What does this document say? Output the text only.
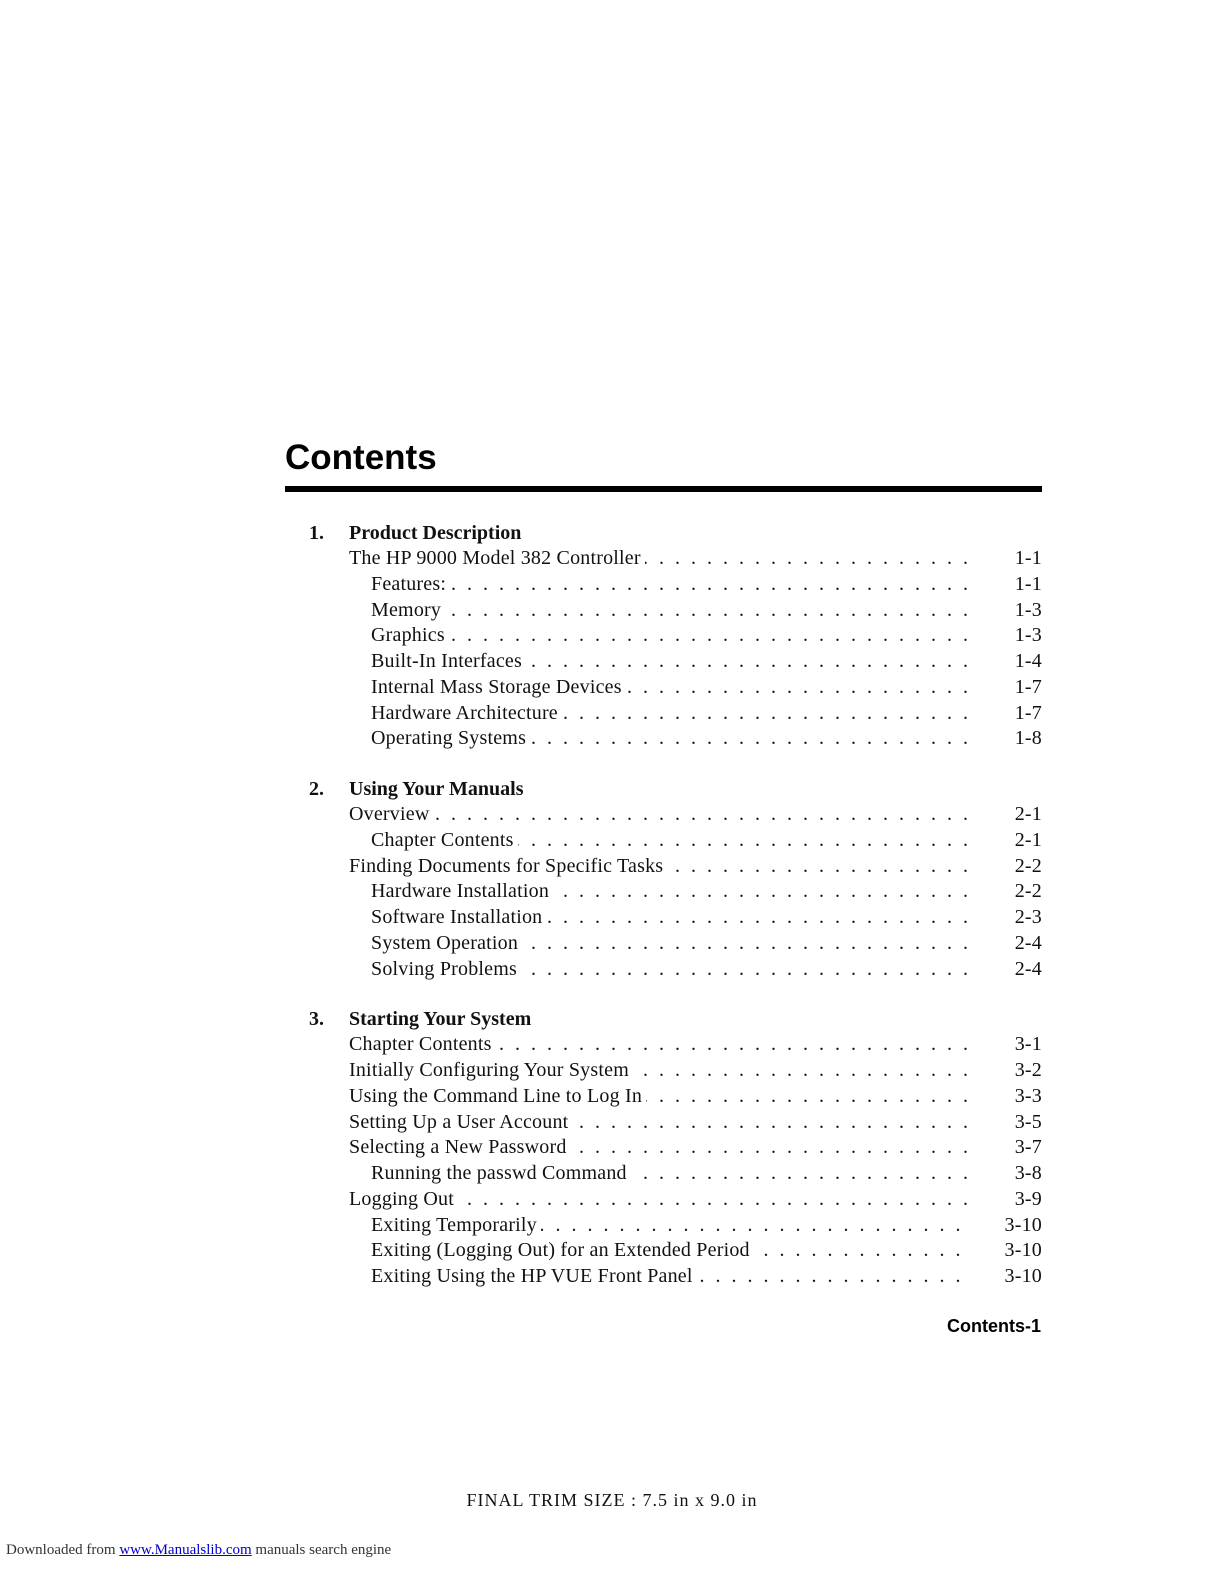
Contents
1.	Product Description
The HP 9000 Model 382 Controller . . .	1-1
Features: . . .	1-1
Memory . . .	1-3
Graphics . . .	1-3
Built-In Interfaces . . .	1-4
Internal Mass Storage Devices . . .	1-7
Hardware Architecture . . .	1-7
Operating Systems . . .	1-8
2.	Using Your Manuals
Overview . . .	2-1
Chapter Contents . . .	2-1
Finding Documents for Specific Tasks . . .	2-2
Hardware Installation . . .	2-2
Software Installation . . .	2-3
System Operation . . .	2-4
Solving Problems . . .	2-4
3.	Starting Your System
Chapter Contents . . .	3-1
Initially Configuring Your System . . .	3-2
Using the Command Line to Log In . . .	3-3
Setting Up a User Account . . .	3-5
Selecting a New Password . . .	3-7
Running the passwd Command . . .	3-8
Logging Out . . .	3-9
Exiting Temporarily . . .	3-10
Exiting (Logging Out) for an Extended Period . . .	3-10
Exiting Using the HP VUE Front Panel . . .	3-10
Contents-1
FINAL TRIM SIZE : 7.5 in x 9.0 in
Downloaded from www.Manualslib.com manuals search engine
